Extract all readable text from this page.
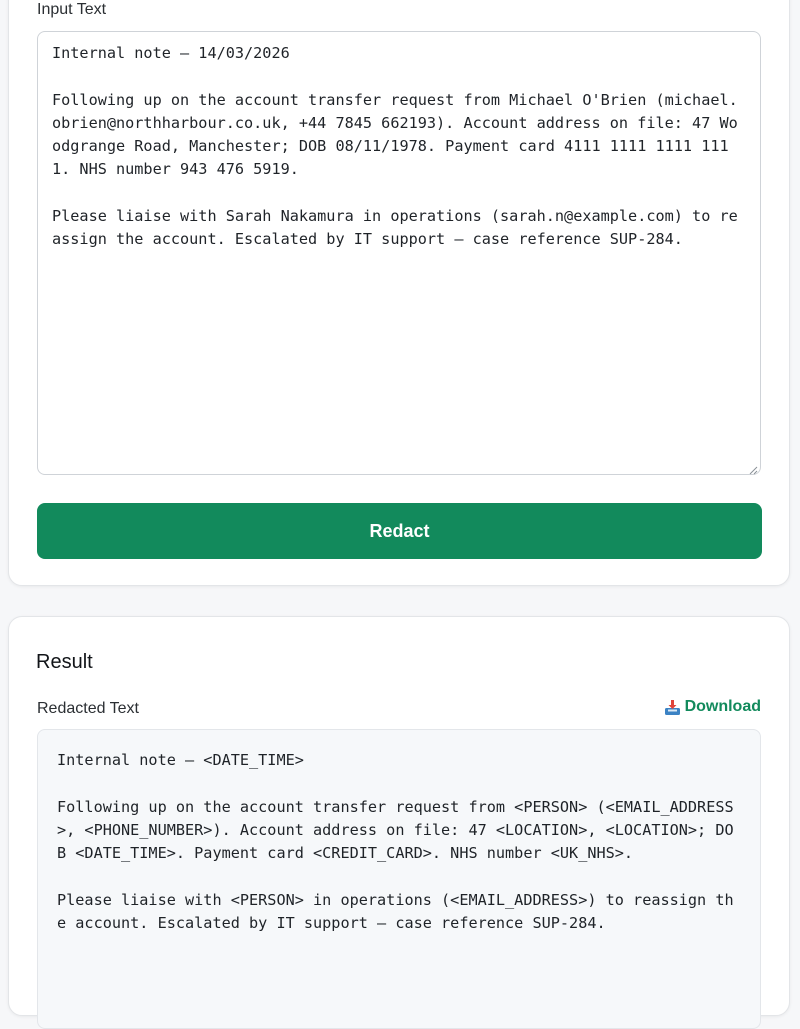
Input Text
Internal note — 14/03/2026

Following up on the account transfer request from Michael O'Brien (michael.obrien@northharbour.co.uk, +44 7845 662193). Account address on file: 47 Woodgrange Road, Manchester; DOB 08/11/1978. Payment card 4111 1111 1111 1111. NHS number 943 476 5919.

Please liaise with Sarah Nakamura in operations (sarah.n@example.com) to reassign the account. Escalated by IT support — case reference SUP-284.
Redact
Result
Redacted Text	Download
Internal note — <DATE_TIME>

Following up on the account transfer request from <PERSON> (<EMAIL_ADDRESS>, <PHONE_NUMBER>). Account address on file: 47 <LOCATION>, <LOCATION>; DOB <DATE_TIME>. Payment card <CREDIT_CARD>. NHS number <UK_NHS>.

Please liaise with <PERSON> in operations (<EMAIL_ADDRESS>) to reassign the account. Escalated by IT support — case reference SUP-284.
